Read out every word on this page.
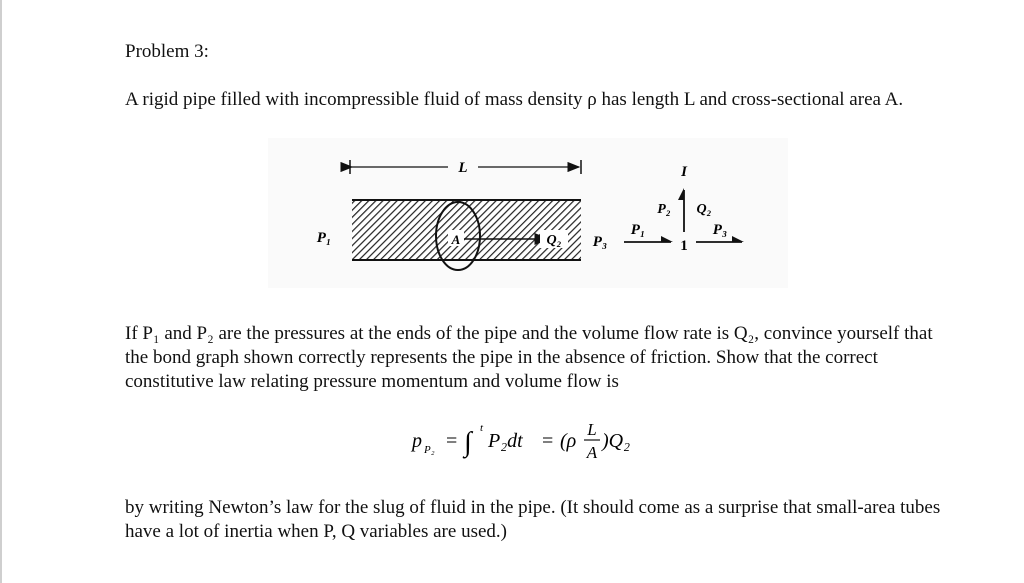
Problem 3:
A rigid pipe filled with incompressible fluid of mass density ρ has length L and cross-sectional area A.
L
A	Q₂
P₁	P₃
I
P₂ Q₂
P₁
1
P₃
If P₁ and P₂ are the pressures at the ends of the pipe and the volume flow rate is Q₂, convince yourself that the bond graph shown correctly represents the pipe in the absence of friction. Show that the correct constitutive law relating pressure momentum and volume flow is
p P₂ = ∫ t
P₂dt = (ρ
L
A
)Q₂
by writing Newton’s law for the slug of fluid in the pipe. (It should come as a surprise that small-area tubes have a lot of inertia when P, Q variables are used.)
